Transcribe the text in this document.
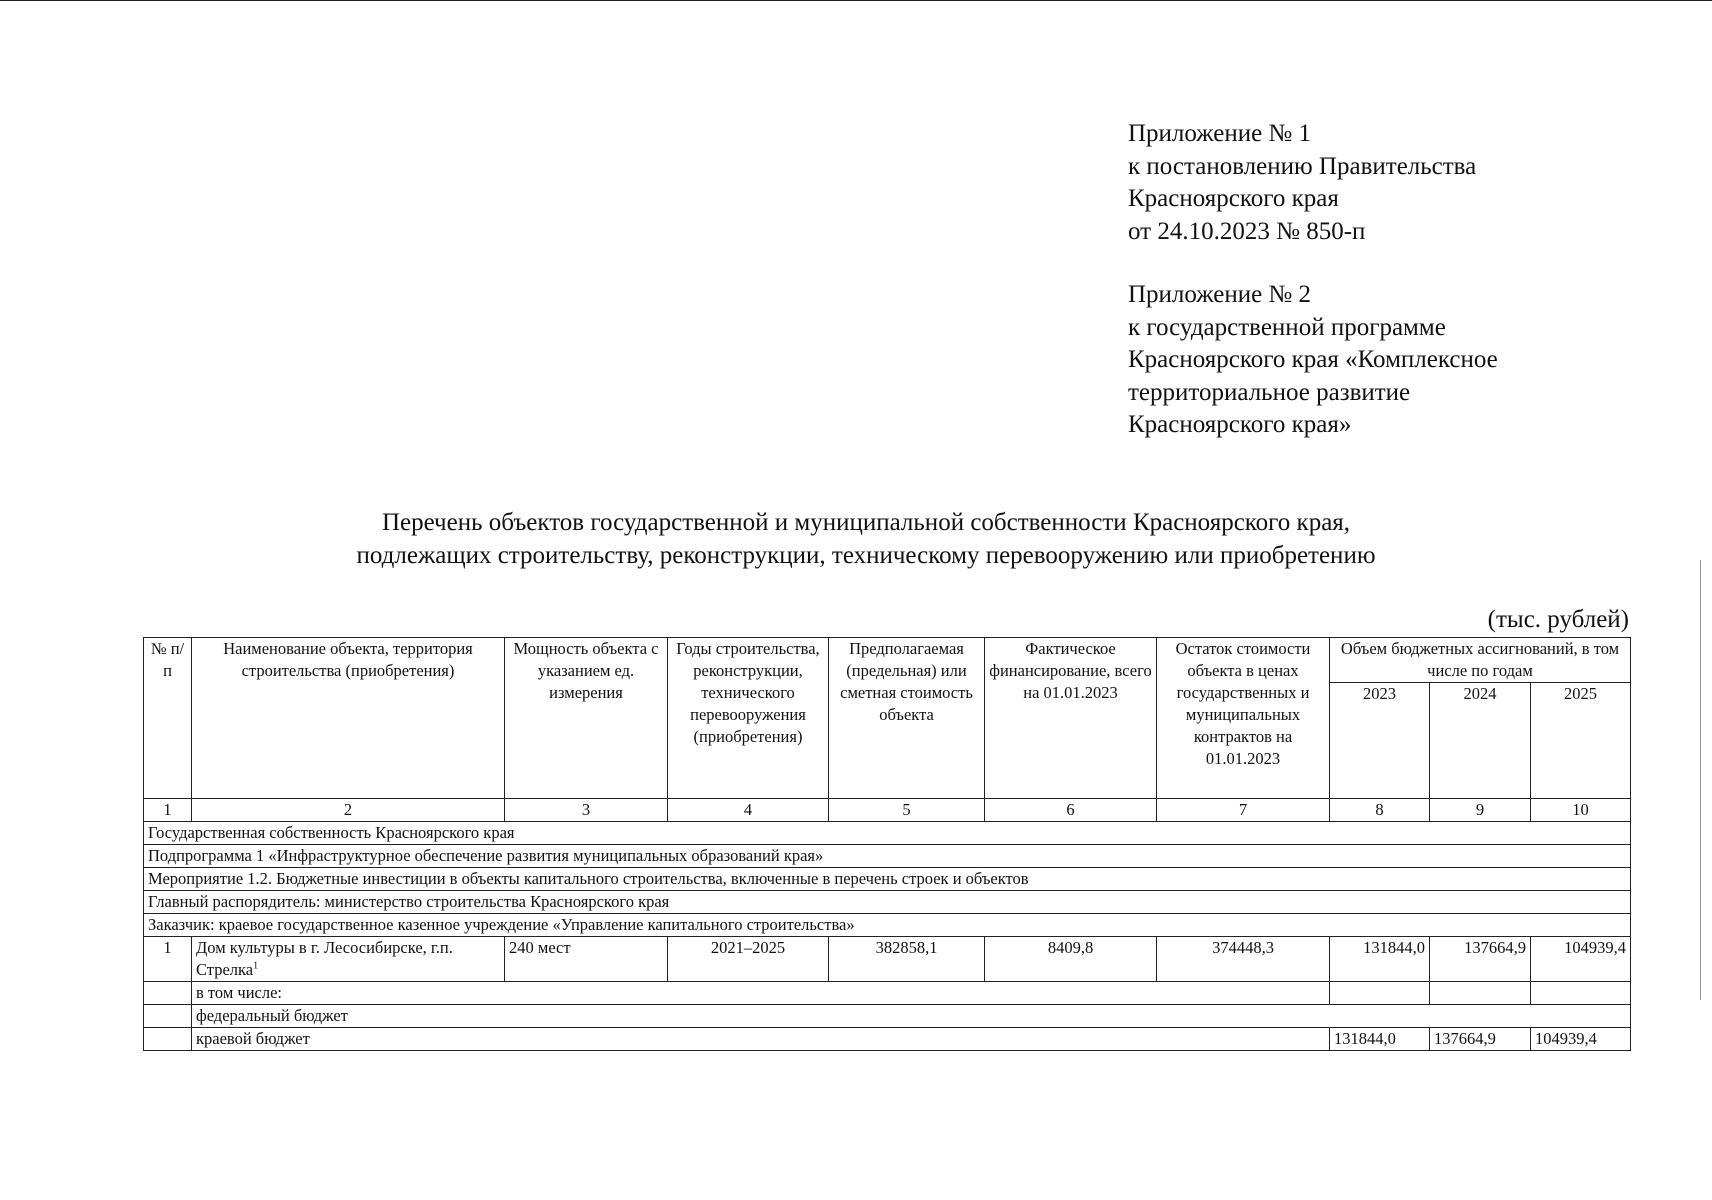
Приложение № 1
к постановлению Правительства
Красноярского края
от 24.10.2023 № 850-п
Приложение № 2
к государственной программе
Красноярского края «Комплексное
территориальное развитие
Красноярского края»
Перечень объектов государственной и муниципальной собственности Красноярского края,
подлежащих строительству, реконструкции, техническому перевооружению или приобретению
(тыс. рублей)
№ п/п	Наименование объекта, территория строительства (приобретения)	Мощность объекта с указанием ед. измерения	Годы строительства, реконструкции, технического перевооружения (приобретения)	Предполагаемая (предельная) или сметная стоимость объекта	Фактическое финансирование, всего на 01.01.2023	Остаток стоимости объекта в ценах государственных и муниципальных контрактов на 01.01.2023	Объем бюджетных ассигнований, в том числе по годам		
							2023	2024	2025
1	2	3	4	5	6	7	8	9	10
Государственная собственность Красноярского края									
Подпрограмма 1 «Инфраструктурное обеспечение развития муниципальных образований края»									
Мероприятие 1.2. Бюджетные инвестиции в объекты капитального строительства, включенные в перечень строек и объектов									
Главный распорядитель: министерство строительства Красноярского края									
Заказчик: краевое государственное казенное учреждение «Управление капитального строительства»									
1	Дом культуры в г. Лесосибирске, г.п. Стрелка$^1$	240 мест	2021–2025	382858,1	8409,8	374448,3	131844,0	137664,9	104939,4
	в том числе:								
	федеральный бюджет								
	краевой бюджет						131844,0	137664,9	104939,4
